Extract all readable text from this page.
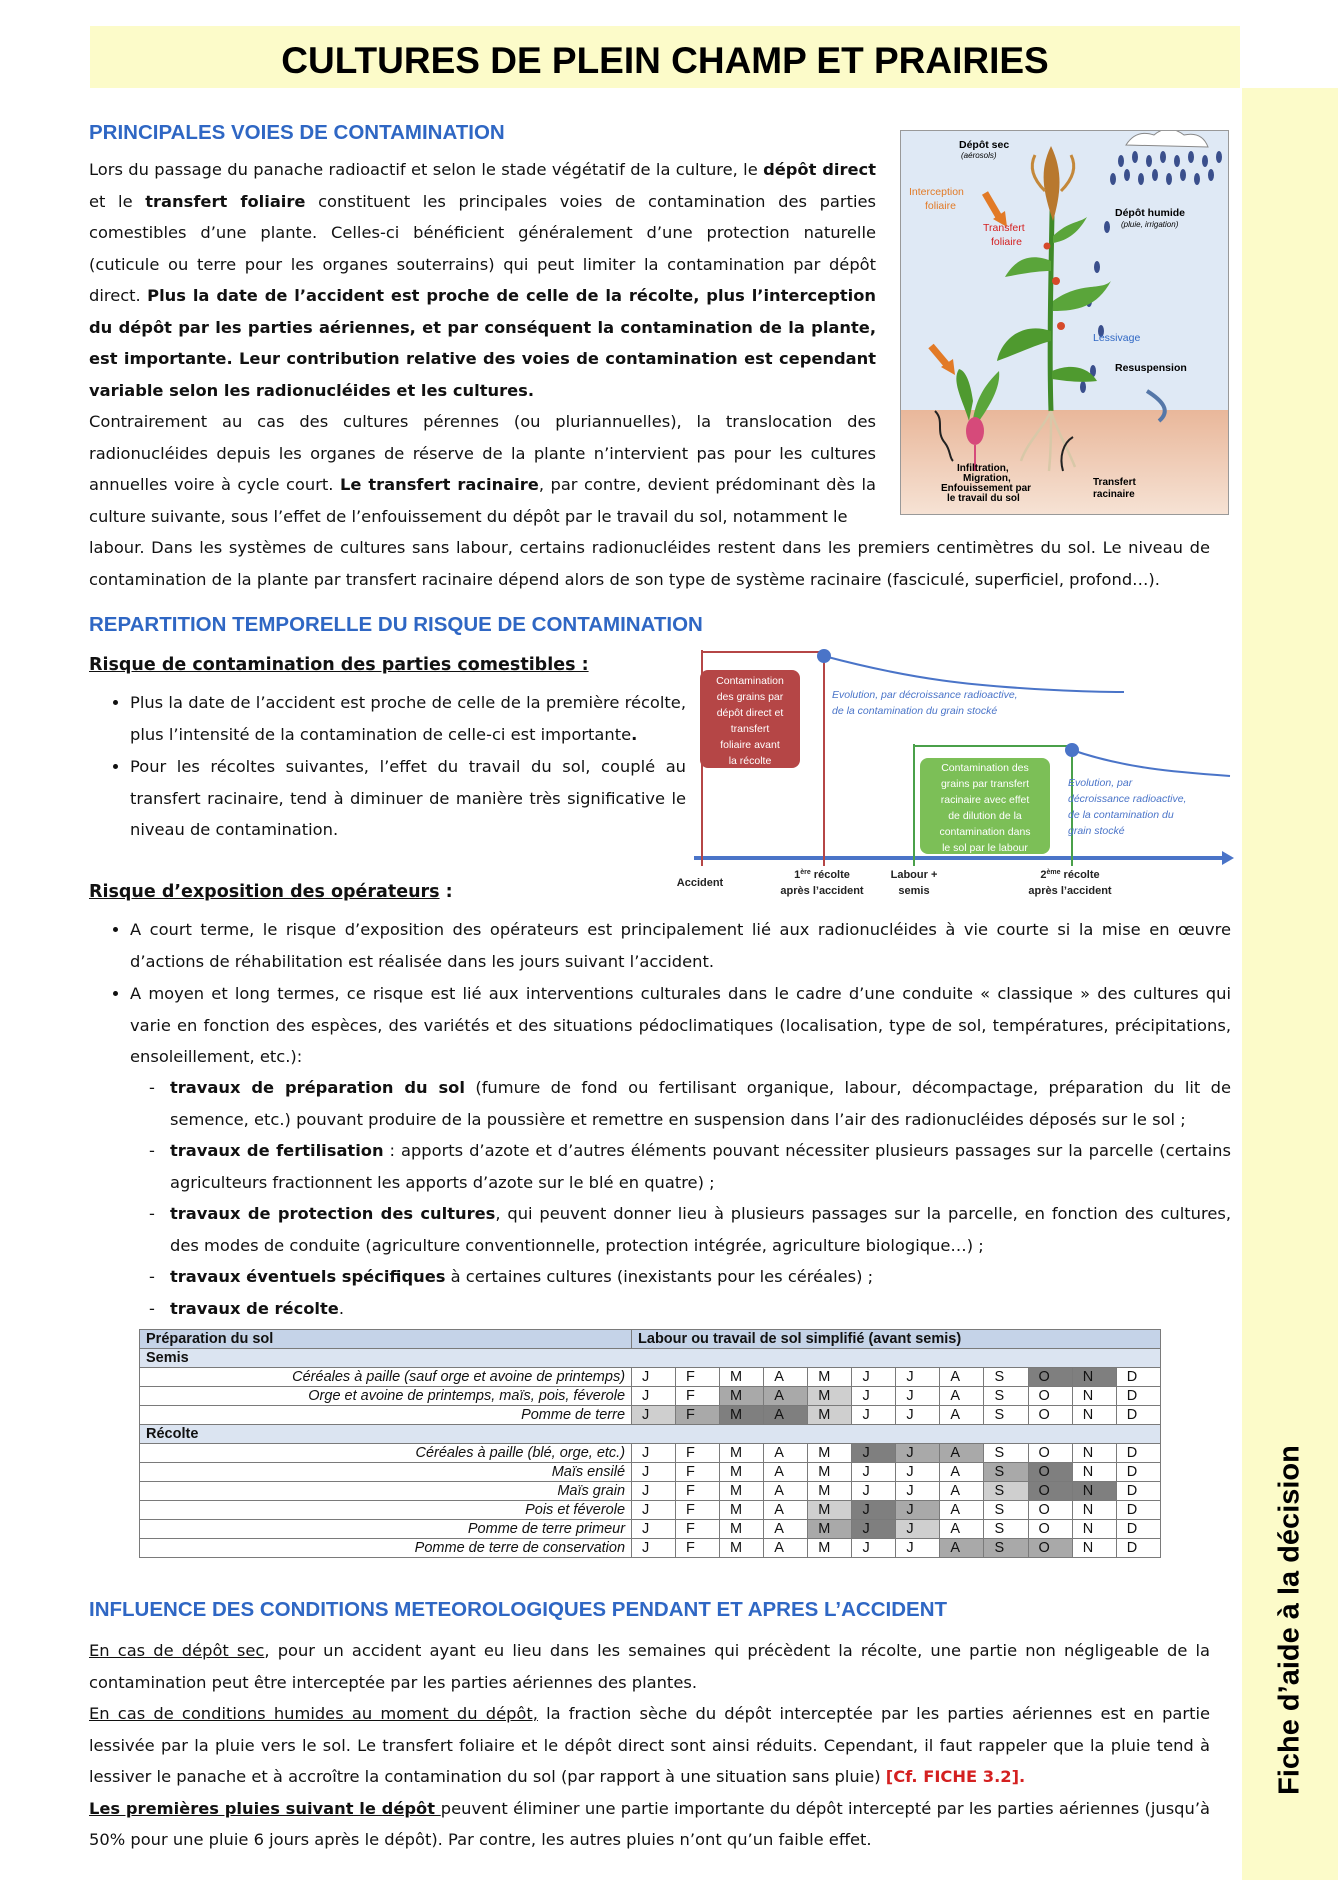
CULTURES DE PLEIN CHAMP ET PRAIRIES
Fiche d’aide à la décision
PRINCIPALES VOIES DE CONTAMINATION

Lors du passage du panache radioactif et selon le stade végétatif de la culture, le dépôt direct et le transfert foliaire constituent les principales voies de contamination des parties comestibles d’une plante. Celles-ci bénéficient généralement d’une protection naturelle (cuticule ou terre pour les organes souterrains) qui peut limiter la contamination par dépôt direct. Plus la date de l’accident est proche de celle de la récolte, plus l’interception du dépôt par les parties aériennes, et par conséquent la contamination de la plante, est importante. Leur contribution relative des voies de contamination est cependant variable selon les radionucléides et les cultures.

Contrairement au cas des cultures pérennes (ou pluriannuelles), la translocation des radionucléides depuis les organes de réserve de la plante n’intervient pas pour les cultures annuelles voire à cycle court. Le transfert racinaire, par contre, devient prédominant dès la culture suivante, sous l’effet de l’enfouissement du dépôt par le travail du sol, notamment le

labour. Dans les systèmes de cultures sans labour, certains radionucléides restent dans les premiers centimètres du sol. Le niveau de contamination de la plante par transfert racinaire dépend alors de son type de système racinaire (fasciculé, superficiel, profond…).
Dépôt sec
(aérosols)
Interception
foliaire
Transfert
foliaire
Dépôt humide
(pluie, irrigation)
Lessivage
Resuspension
Infiltration,
Migration,
Enfouissement par
le travail du sol
Transfert
racinaire
REPARTITION TEMPORELLE DU RISQUE DE CONTAMINATION
Risque de contamination des parties comestibles :
• Plus la date de l’accident est proche de celle de la première récolte, plus l’intensité de la contamination de celle-ci est importante.
• Pour les récoltes suivantes, l’effet du travail du sol, couplé au transfert racinaire, tend à diminuer de manière très significative le niveau de contamination.
Contamination
des grains par
dépôt direct et
transfert
foliaire avant
la récolte
Contamination des
grains par transfert
racinaire avec effet
de dilution de la
contamination dans
le sol par le labour
Evolution, par décroissance radioactive,
de la contamination du grain stocké
Evolution, par
décroissance radioactive,
de la contamination du
grain stocké
Accident
1ère récolte
après l’accident
Labour +
semis
2ème récolte
après l’accident
Risque d’exposition des opérateurs :
• A court terme, le risque d’exposition des opérateurs est principalement lié aux radionucléides à vie courte si la mise en œuvre d’actions de réhabilitation est réalisée dans les jours suivant l’accident.
• A moyen et long termes, ce risque est lié aux interventions culturales dans le cadre d’une conduite « classique » des cultures qui varie en fonction des espèces, des variétés et des situations pédoclimatiques (localisation, type de sol, températures, précipitations, ensoleillement, etc.):
- travaux de préparation du sol (fumure de fond ou fertilisant organique, labour, décompactage, préparation du lit de semence, etc.) pouvant produire de la poussière et remettre en suspension dans l’air des radionucléides déposés sur le sol ;
- travaux de fertilisation : apports d’azote et d’autres éléments pouvant nécessiter plusieurs passages sur la parcelle (certains agriculteurs fractionnent les apports d’azote sur le blé en quatre) ;
- travaux de protection des cultures, qui peuvent donner lieu à plusieurs passages sur la parcelle, en fonction des cultures, des modes de conduite (agriculture conventionnelle, protection intégrée, agriculture biologique…) ;
- travaux éventuels spécifiques à certaines cultures (inexistants pour les céréales) ;
- travaux de récolte.
Préparation du sol	Labour ou travail de sol simplifié (avant semis)											
Semis												
Céréales à paille (sauf orge et avoine de printemps)	J	F	M	A	M	J	J	A	S	O	N	D
Orge et avoine de printemps, maïs, pois, féverole	J	F	M	A	M	J	J	A	S	O	N	D
Pomme de terre	J	F	M	A	M	J	J	A	S	O	N	D
Récolte												
Céréales à paille (blé, orge, etc.)	J	F	M	A	M	J	J	A	S	O	N	D
Maïs ensilé	J	F	M	A	M	J	J	A	S	O	N	D
Maïs grain	J	F	M	A	M	J	J	A	S	O	N	D
Pois et féverole	J	F	M	A	M	J	J	A	S	O	N	D
Pomme de terre primeur	J	F	M	A	M	J	J	A	S	O	N	D
Pomme de terre de conservation	J	F	M	A	M	J	J	A	S	O	N	D
INFLUENCE DES CONDITIONS METEOROLOGIQUES PENDANT ET APRES L’ACCIDENT

En cas de dépôt sec, pour un accident ayant eu lieu dans les semaines qui précèdent la récolte, une partie non négligeable de la contamination peut être interceptée par les parties aériennes des plantes.

En cas de conditions humides au moment du dépôt, la fraction sèche du dépôt interceptée par les parties aériennes est en partie lessivée par la pluie vers le sol. Le transfert foliaire et le dépôt direct sont ainsi réduits. Cependant, il faut rappeler que la pluie tend à lessiver le panache et à accroître la contamination du sol (par rapport à une situation sans pluie) [Cf. FICHE 3.2].

Les premières pluies suivant le dépôt peuvent éliminer une partie importante du dépôt intercepté par les parties aériennes (jusqu’à 50% pour une pluie 6 jours après le dépôt). Par contre, les autres pluies n’ont qu’un faible effet.
